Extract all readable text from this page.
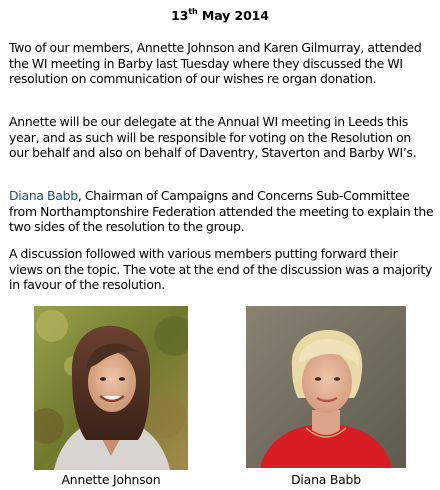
13th May 2014

Two of our members, Annette Johnson and Karen Gilmurray, attended the WI meeting in Barby last Tuesday where they discussed the WI resolution on communication of our wishes re organ donation.

Annette will be our delegate at the Annual WI meeting in Leeds this year, and as such will be responsible for voting on the Resolution on our behalf and also on behalf of Daventry, Staverton and Barby WI’s.

Diana Babb, Chairman of Campaigns and Concerns Sub-Committee from Northamptonshire Federation attended the meeting to explain the two sides of the resolution to the group.

A discussion followed with various members putting forward their views on the topic. The vote at the end of the discussion was a majority in favour of the resolution.

Annette Johnson	Diana Babb
